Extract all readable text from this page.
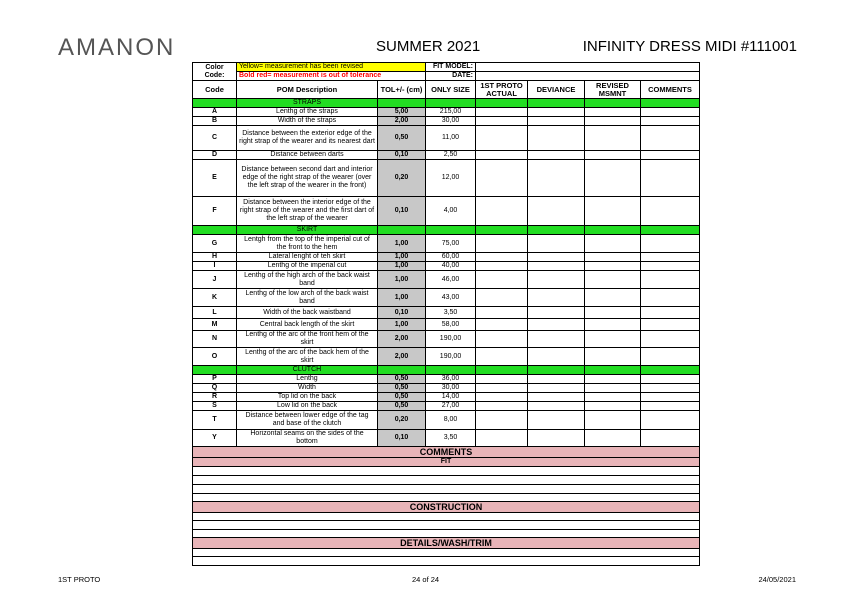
AMANON	SUMMER 2021	INFINITY DRESS MIDI #111001
Color Code:	Yellow= measurement has been revised		FIT MODEL:				
	Bold red= measurement is out of tolerance		DATE:				
Code	POM Description	TOL+/- (cm)	ONLY SIZE	1ST PROTO ACTUAL	DEVIANCE	REVISED MSMNT	COMMENTS
	STRAPS						
A	Lenthg of the straps	5,00	215,00				
B	Width of the straps	2,00	30,00				
C	Distance between the exterior edge of the right strap of the wearer and its nearest dart	0,50	11,00				
D	Distance between darts	0,10	2,50				
E	Distance between second dart and interior edge of the right strap of the wearer (over the left strap of the wearer in the front)	0,20	12,00				
F	Distance between the interior edge of the right strap of the wearer and the first dart of the left strap of the wearer	0,10	4,00				
	SKIRT						
G	Lentgh from the top of the imperial cut of the front to the hem	1,00	75,00				
H	Lateral lenght of teh skirt	1,00	60,00				
I	Lenthg of the imperial cut	1,00	40,00				
J	Lenthg of the high arch of the back waist band	1,00	46,00				
K	Lenthg of the low arch of the back waist band	1,00	43,00				
L	Width of the back waistband	0,10	3,50				
M	Central back length of the skirt	1,00	58,00				
N	Lenthg of the arc of the front hem of the skirt	2,00	190,00				
O	Lenthg of the arc of the back hem of the skirt	2,00	190,00				
	CLUTCH						
P	Lenthg	0,50	36,00				
Q	Width	0,50	30,00				
R	Top lid on the back	0,50	14,00				
S	Low lid on the back	0,50	27,00				
T	Distance between lower edge of the tag and base of the clutch	0,20	8,00				
Y	Horizontal seams on the sides of the bottom	0,10	3,50				
COMMENTS							
FIT							

CONSTRUCTION							

DETAILS/WASH/TRIM							

1ST PROTO	24 of 24	24/05/2021
